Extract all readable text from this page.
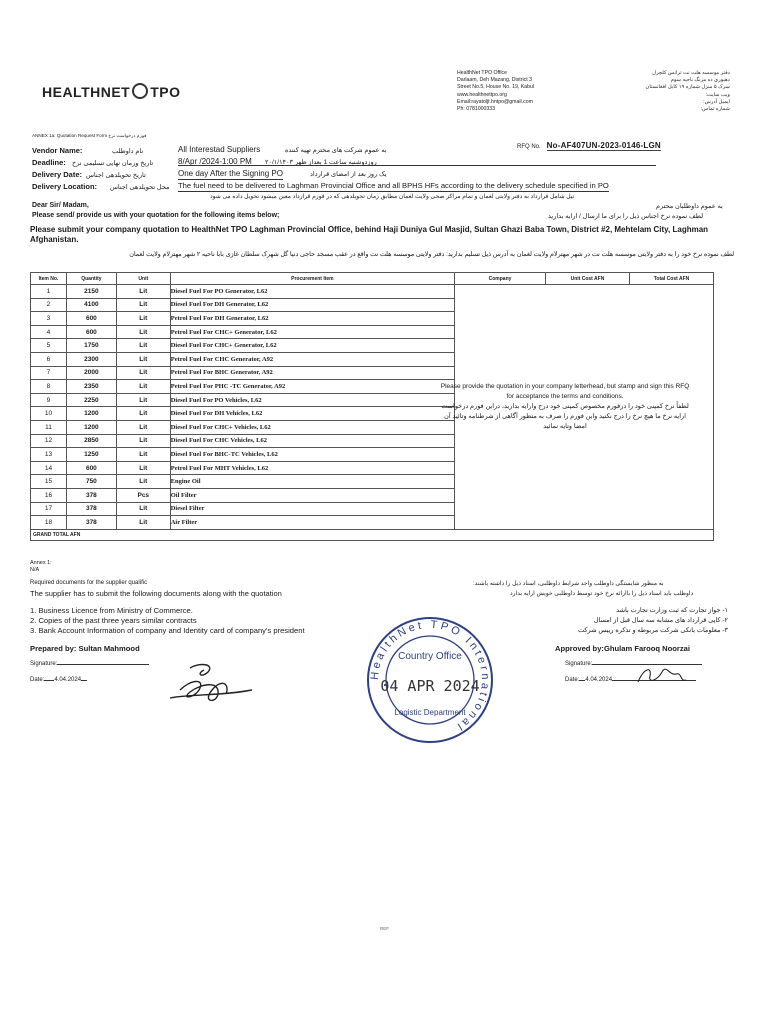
HEALTHNET TPO
HealthNet TPO Office
Darlaam, Deh Mazang, District 3
Street No.5, House No. 19, Kabul
www.healthnettpo.org
Email:rayatoljt.hntpo@gmail.com
Ph: 0781000333
دفتر موسسه هلت نت ترانس کلچرل
دهبوری ده مزنگ ناحیه سوم
سرک ۵ منزل شماره ۱۹ کابل افغانستان
ویب سایت:
ایمیل آدرس:
شماره تماس:
RFQ No. No-AF407UN-2023-0146-LGN
ANNEX 1a: Quotation Request Form فورم درخواست نرخ
Vendor Name:	نام داوطلب	All Interestad Suppliers	به عموم شرکت های محترم تهیه کننده
Deadline: تاریخ ورمان نهایی تسلیمی نرخ	8/Apr /2024-1:00 PM روزدوشنبه ساعت 1 بعداز ظهر ۲۰/۱/۱۴۰۳
Delivery Date: تاریخ تحویلدهی اجناس	One day After the Signing PO	یک روز بعد از امضای قرارداد
Delivery Location: محل تحویلدهی اجناس The fuel need to be delivered to Laghman Provincial Office and all BPHS HFs according to the delivery schedule specified in PO
تیل شامل قرارداد به دفتر ولایتی لغمان و تمام مراکز صحی ولایت لغمان مطابق زمان تحویلدهی که در فورم قرارداد معین میشود تحویل داده می شود
Dear Sir/ Madam,
Please send/ provide us with your quotation for the following items below;
به عموم داوطلبان محترم
لطف نموده نرخ اجناس ذیل را برای ما ارسال / ارایه بدارید
Please submit your company quotation to HealthNet TPO Laghman Provincial Office, behind Haji Duniya Gul Masjid, Sultan Ghazi Baba Town, District #2, Mehtelam City, Laghman Afghanistan.
لطف نموده نرخ خود را به دفتر ولایتی موسسه هلت نت در شهر مهترلام ولایت لغمان به آدرس ذیل تسلیم بدارید: دفتر ولایتی موسسه هلت نت واقع در عقب مسجد حاجی دنیا گل شهرک سلطان غازی بابا ناحیه ۲ شهر مهترلام ولایت لغمان
Item No.	Quantity	Unit	Procurement Item	Company	Unit Cost AFN	Total Cost AFN
1	2150	Lit	Diesel Fuel For PO Generator, L62	Please provide the quotation in your company letterhead, but stamp and sign this RFQ for acceptance the terms and conditions.
لطفاً نرخ کمپنی خود را درفورم مخصوص کمپنی خود درج وارایه بدارید، دراین فورم درخواست ارایه نرخ ما هیچ نرخ را درج نکنید واین فورم را صرف به منظور آگاهی از شرطنامه وتائید آن امضا وتایه نمائید		

2	4100	Lit	Diesel Fuel For DH Generator, L62			
3	600	Lit	Petrol Fuel For DH Generator, L62			
4	600	Lit	Petrol Fuel For CHC+ Generator, L62			
5	1750	Lit	Diesel Fuel For CHC+ Generator, L62			
6	2300	Lit	Petrol Fuel For CHC Generator, A92			
7	2000	Lit	Petrol Fuel For BHC Generator, A92			
8	2350	Lit	Petrol Fuel For PHC -TC Generator, A92			
9	2250	Lit	Diesel Fuel For PO Vehicles, L62			
10	1200	Lit	Diesel Fuel For DH Vehicles, L62			
11	1200	Lit	Diesel Fuel For CHC+ Vehicles, L62			
12	2850	Lit	Diesel Fuel For CHC Vehicles, L62			
13	1250	Lit	Diesel Fuel For BHC-TC Vehicles, L62			
14	600	Lit	Petrol Fuel For MHT Vehicles, L62			
15	750	Lit	Engine Oil			
16	378	Pcs	Oil Filter			
17	378	Lit	Diesel Filter			
18	378	Lit	Air Filter			
GRAND TOTAL AFN						
Annex 1:
N/A
Required documents for the supplier qualific
The supplier has to submit the following documents along with the quotation
به منظور شایستگی داوطلب واجد شرایط داوطلبی، اسناد ذیل را داشته باشند:
داوطلب باید اسناد ذیل را باارائه نرخ خود توسط داوطلبی خویش ارایه بدارد
1. Business Licence from Ministry of Commerce.
2. Copies of the past three years similar contracts
3. Bank Account Information of company and Identity card of company's president
۱- جواز تجارت که ثبت وزارت تجارت باشد
۲- کاپی قرارداد های مشابه سه سال قبل از امسال
۳- معلومات بانکی شرکت مربوطه و تذکره رییس شرکت
Prepared by: Sultan Mahmood
Signature:
Date: 4.04.2024
Approved by:Ghulam Farooq Noorzai
Signature:
Date: 4.04.2024
HealthNet TPO International
Country Office
04 APR 2024
Logistic Department
REF
